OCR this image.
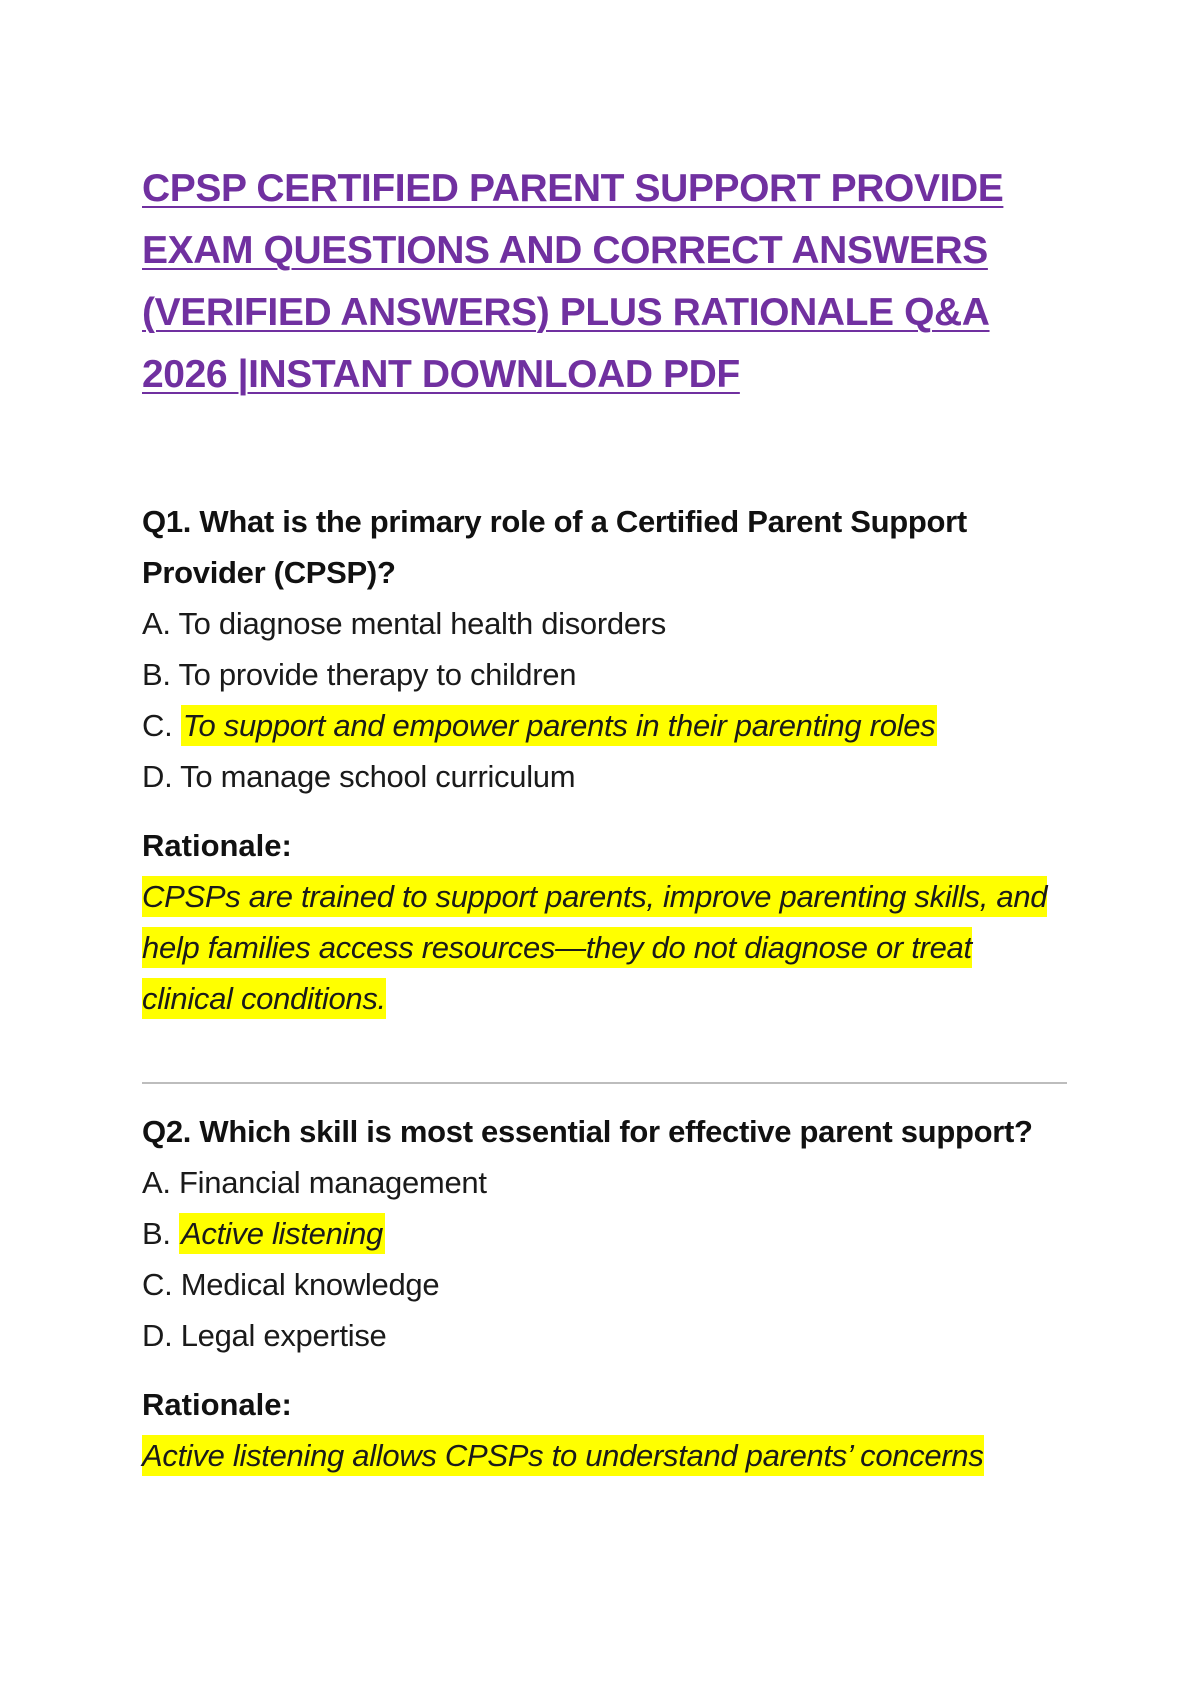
CPSP CERTIFIED PARENT SUPPORT PROVIDE EXAM QUESTIONS AND CORRECT ANSWERS (VERIFIED ANSWERS) PLUS RATIONALE Q&A 2026 |INSTANT DOWNLOAD PDF

Q1. What is the primary role of a Certified Parent Support Provider (CPSP)?

A. To diagnose mental health disorders
B. To provide therapy to children
C. To support and empower parents in their parenting roles
D. To manage school curriculum

Rationale:

CPSPs are trained to support parents, improve parenting skills, and help families access resources—they do not diagnose or treat clinical conditions.

Q2. Which skill is most essential for effective parent support?

A. Financial management
B. Active listening
C. Medical knowledge
D. Legal expertise

Rationale:

Active listening allows CPSPs to understand parents’ concerns
